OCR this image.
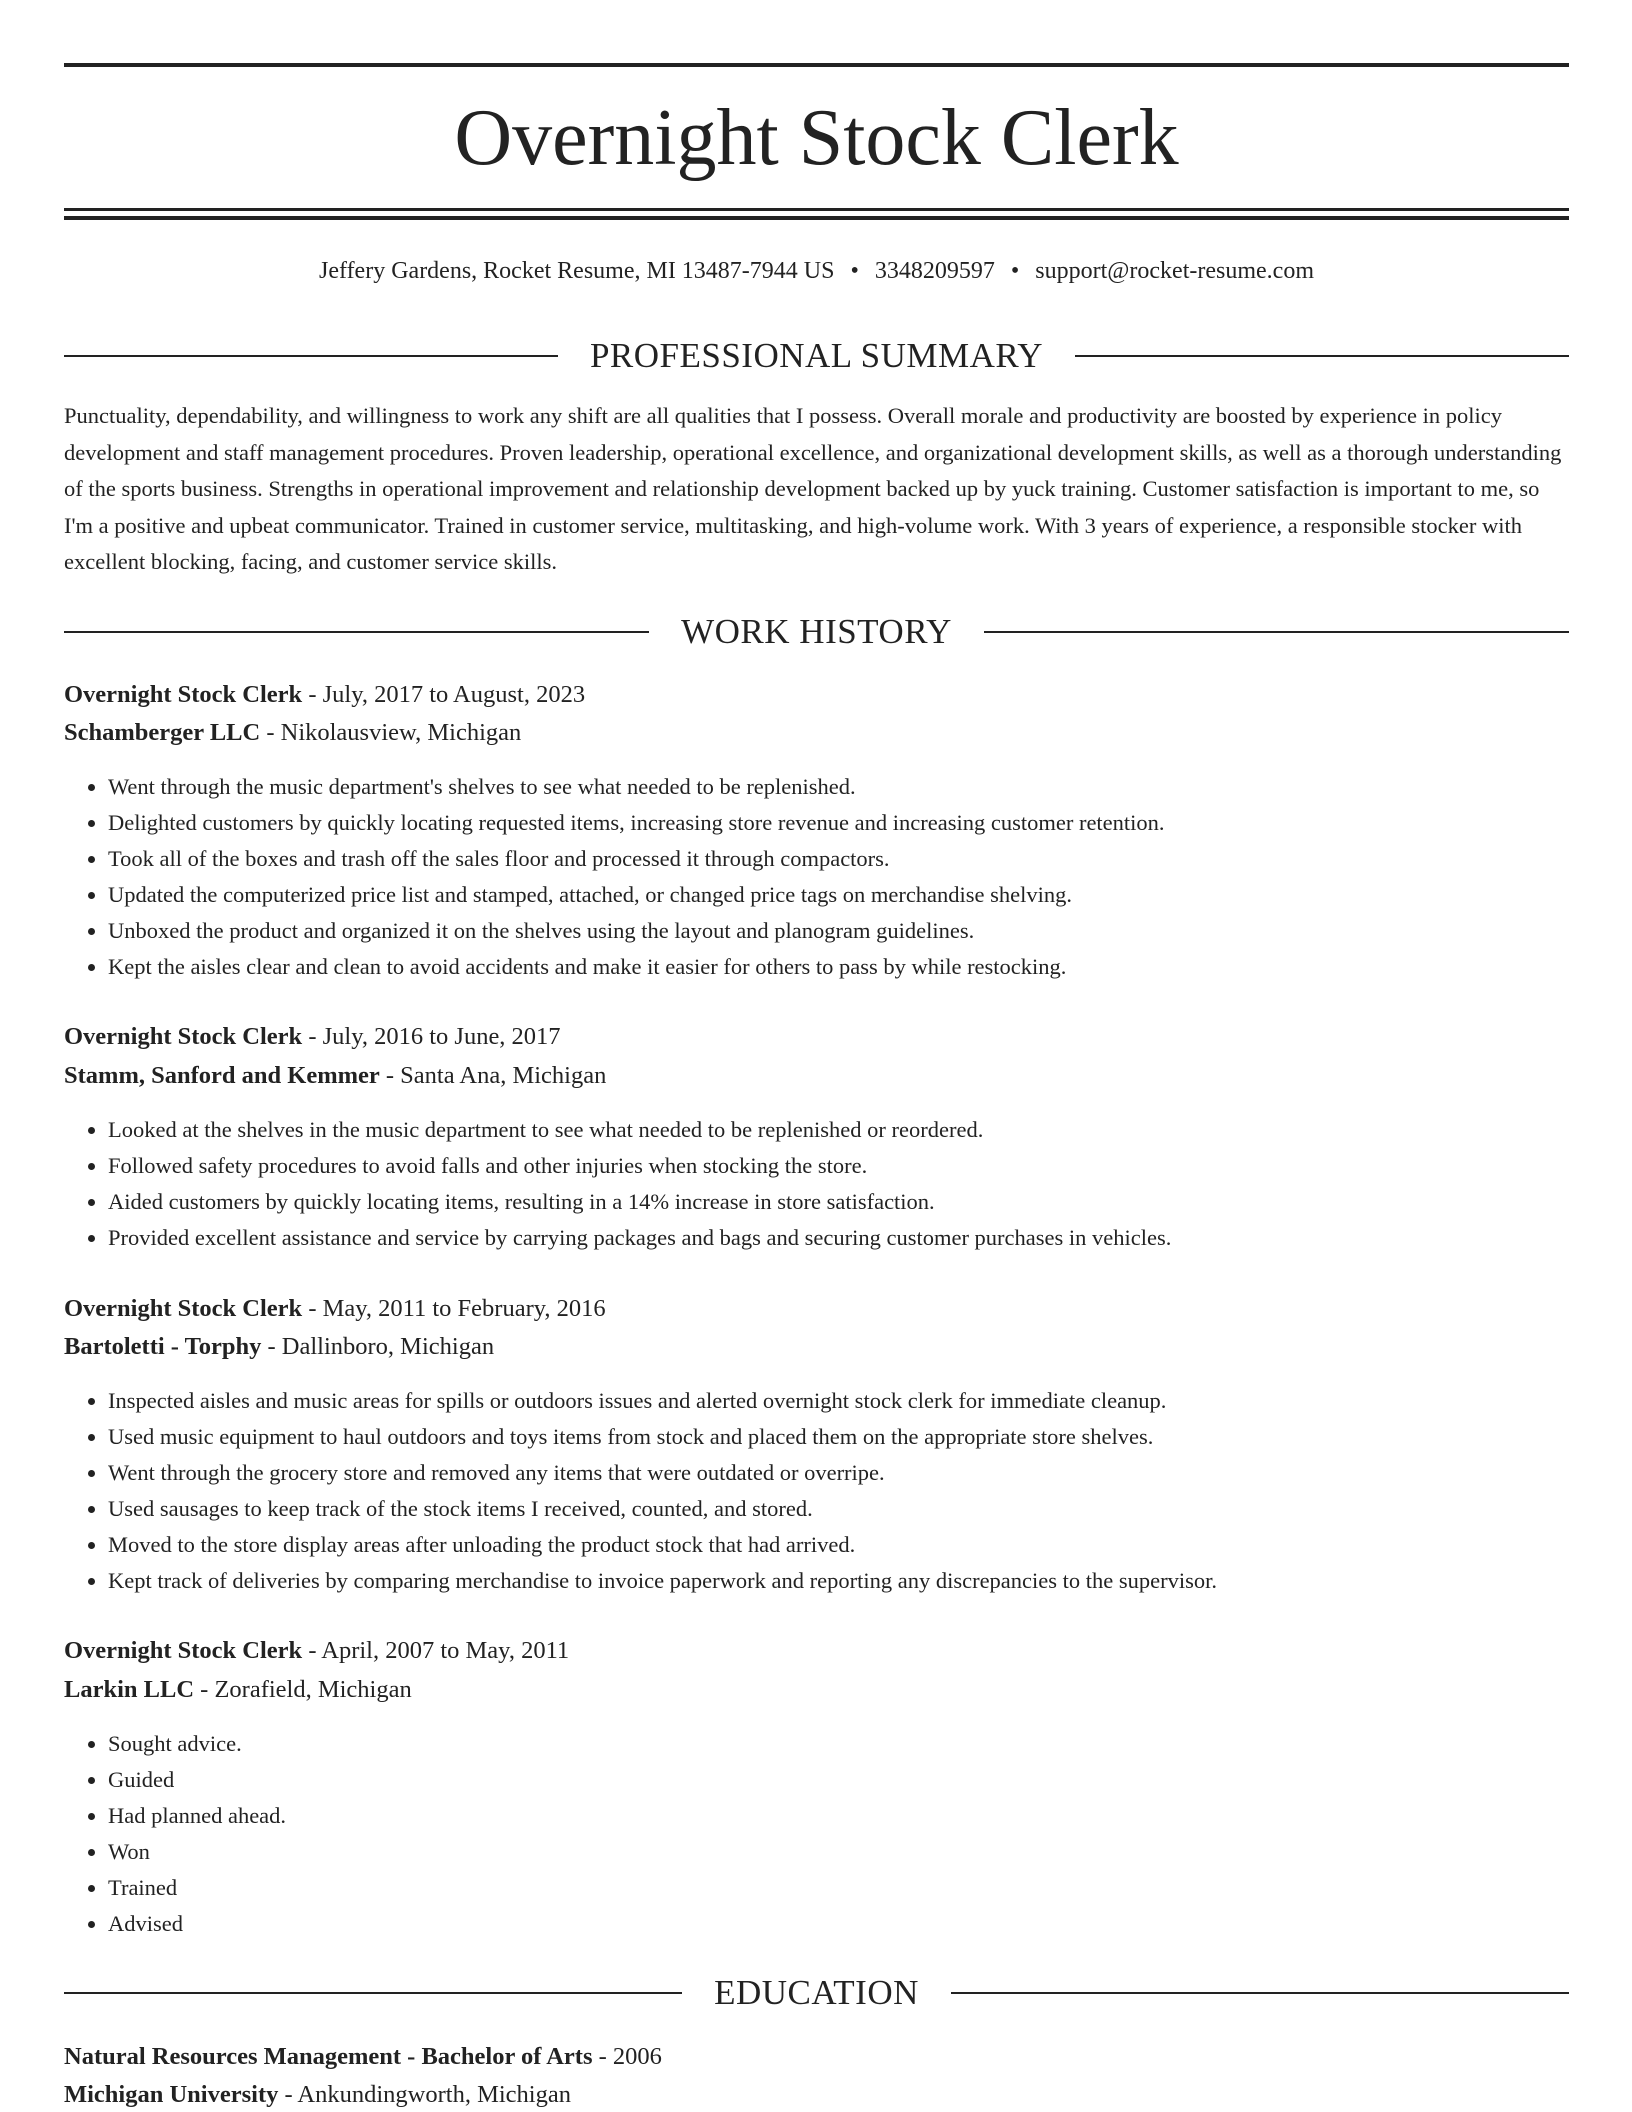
Overnight Stock Clerk
Jeffery Gardens, Rocket Resume, MI 13487-7944 US • 3348209597 • support@rocket-resume.com
PROFESSIONAL SUMMARY

Punctuality, dependability, and willingness to work any shift are all qualities that I possess. Overall morale and productivity are boosted by experience in policy development and staff management procedures. Proven leadership, operational excellence, and organizational development skills, as well as a thorough understanding of the sports business. Strengths in operational improvement and relationship development backed up by yuck training. Customer satisfaction is important to me, so I'm a positive and upbeat communicator. Trained in customer service, multitasking, and high-volume work. With 3 years of experience, a responsible stocker with excellent blocking, facing, and customer service skills.

WORK HISTORY
Overnight Stock Clerk - July, 2017 to August, 2023
Schamberger LLC - Nikolausview, Michigan
• Went through the music department's shelves to see what needed to be replenished.
• Delighted customers by quickly locating requested items, increasing store revenue and increasing customer retention.
• Took all of the boxes and trash off the sales floor and processed it through compactors.
• Updated the computerized price list and stamped, attached, or changed price tags on merchandise shelving.
• Unboxed the product and organized it on the shelves using the layout and planogram guidelines.
• Kept the aisles clear and clean to avoid accidents and make it easier for others to pass by while restocking.
Overnight Stock Clerk - July, 2016 to June, 2017
Stamm, Sanford and Kemmer - Santa Ana, Michigan
• Looked at the shelves in the music department to see what needed to be replenished or reordered.
• Followed safety procedures to avoid falls and other injuries when stocking the store.
• Aided customers by quickly locating items, resulting in a 14% increase in store satisfaction.
• Provided excellent assistance and service by carrying packages and bags and securing customer purchases in vehicles.
Overnight Stock Clerk - May, 2011 to February, 2016
Bartoletti - Torphy - Dallinboro, Michigan
• Inspected aisles and music areas for spills or outdoors issues and alerted overnight stock clerk for immediate cleanup.
• Used music equipment to haul outdoors and toys items from stock and placed them on the appropriate store shelves.
• Went through the grocery store and removed any items that were outdated or overripe.
• Used sausages to keep track of the stock items I received, counted, and stored.
• Moved to the store display areas after unloading the product stock that had arrived.
• Kept track of deliveries by comparing merchandise to invoice paperwork and reporting any discrepancies to the supervisor.
Overnight Stock Clerk - April, 2007 to May, 2011
Larkin LLC - Zorafield, Michigan
• Sought advice.
• Guided
• Had planned ahead.
• Won
• Trained
• Advised
EDUCATION
Natural Resources Management - Bachelor of Arts - 2006
Michigan University - Ankundingworth, Michigan
